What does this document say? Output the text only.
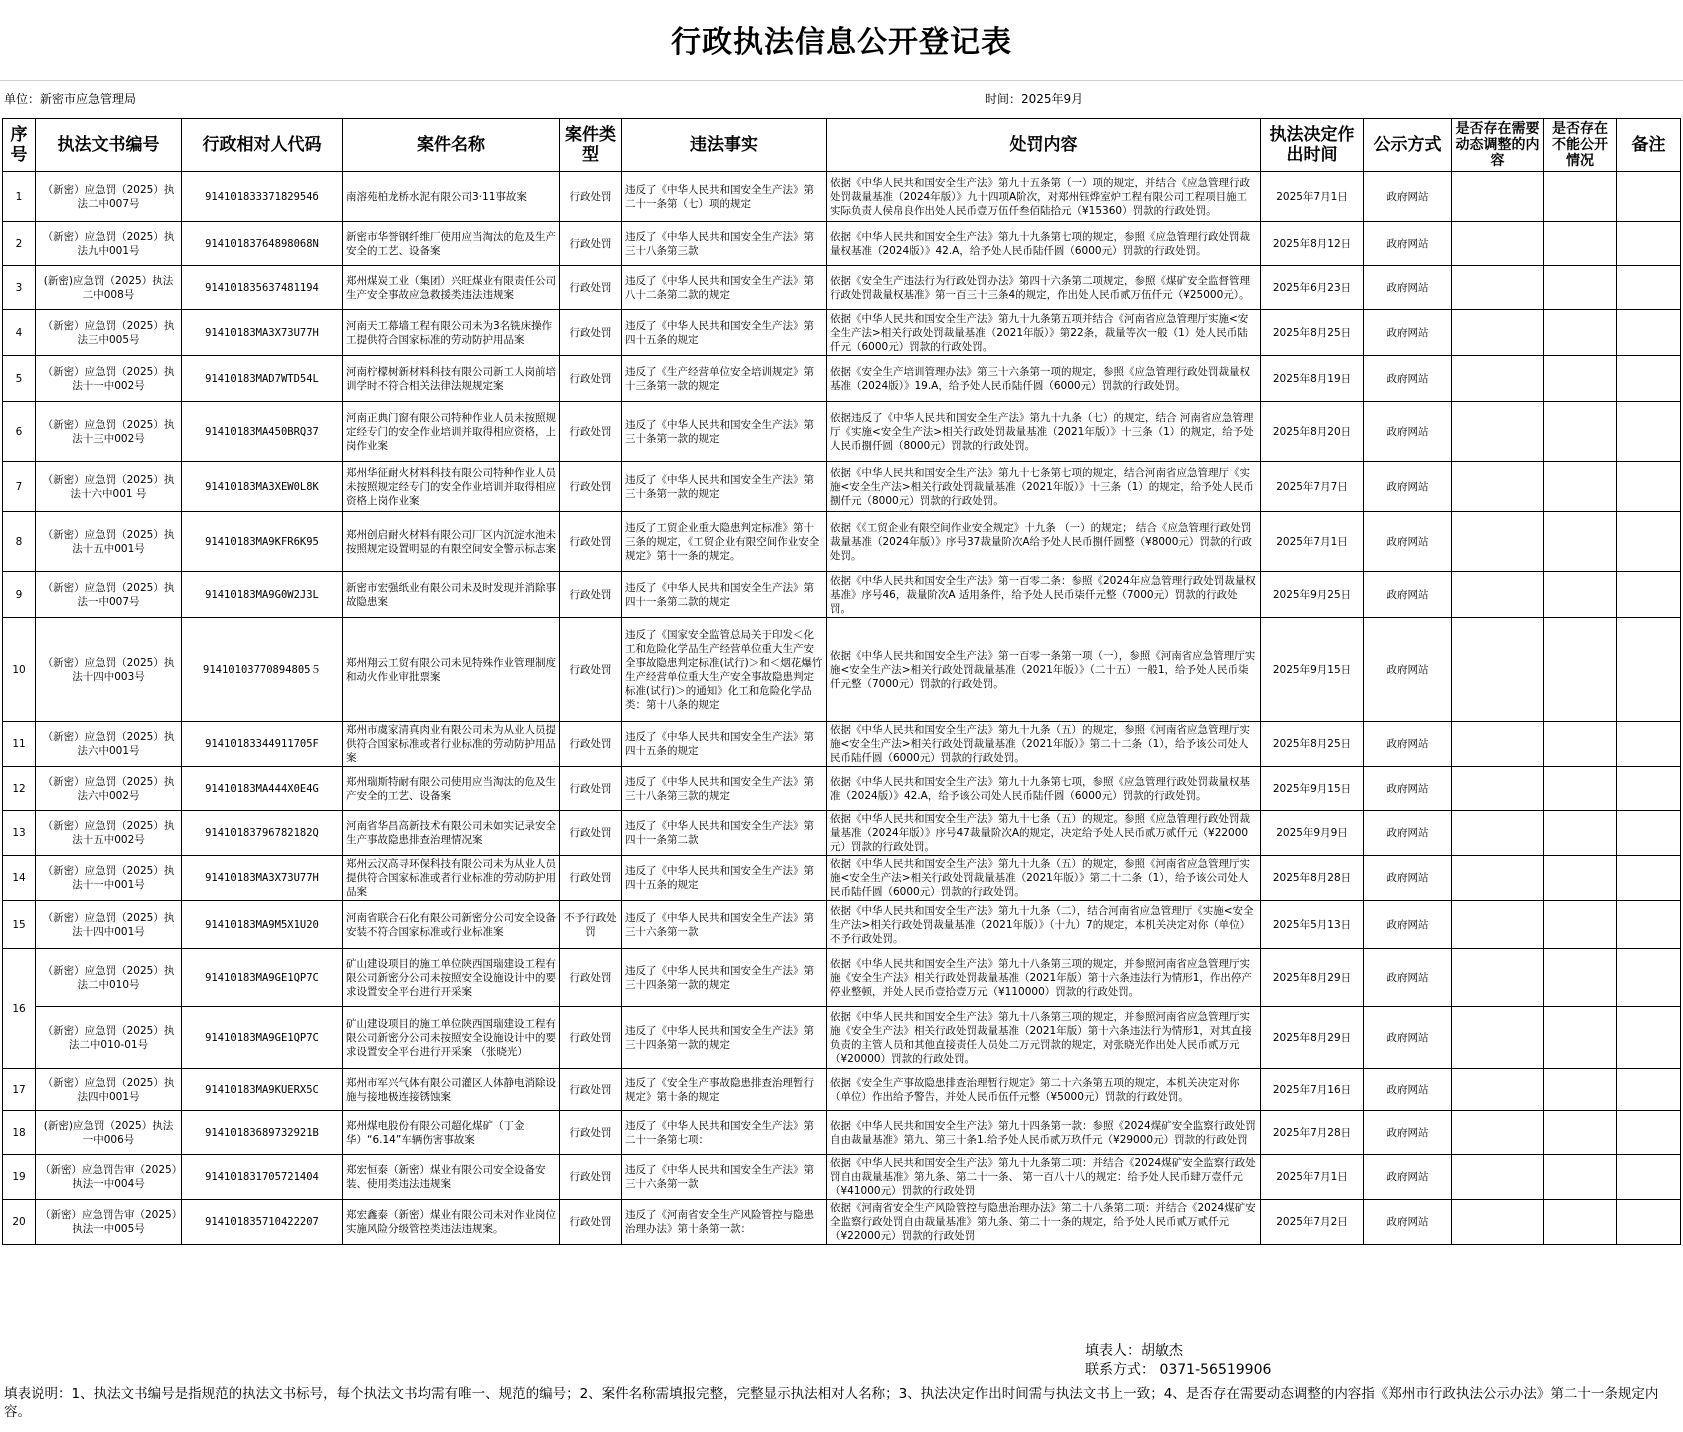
行政执法信息公开登记表
单位：新密市应急管理局	时间：2025年9月
序号	执法文书编号	行政相对人代码	案件名称	案件类型	违法事实	处罚内容	执法决定作出时间	公示方式	是否存在需要动态调整的内容	是否存在不能公开情况	备注
1	（新密）应急罚（2025）执法二中007号	91410183337182954б	南溶苑柏龙桥水泥有限公司3·11事故案	行政处罚	违反了《中华人民共和国安全生产法》第二十一条第（七）项的规定	依据《中华人民共和国安全生产法》第九十五条第（一）项的规定，并结合《应急管理行政处罚裁量基准（2024年版）》九十四项A阶次，对郑州钰烨室炉工程有限公司工程项目施工实际负责人侯帛良作出处人民币壹万伍仟叁佰陆拾元（¥15360）罚款的行政处罚。	2025年7月1日	政府网站			
2	（新密）应急罚（2025）执法九中001号	91410183764898068N	新密市华誉钢纤维厂使用应当淘汰的危及生产安全的工艺、设备案	行政处罚	违反了《中华人民共和国安全生产法》第三十八条第三款	依据《中华人民共和国安全生产法》第九十九条第七项的规定，参照《应急管理行政处罚裁量权基准（2024版）》42.A，给予处人民币陆仟圆（6000元）罚款的行政处罚。	2025年8月12日	政府网站			
3	(新密)应急罚（2025）执法二中008号	914101835637481194	郑州煤炭工业（集团）兴旺煤业有限责任公司生产安全事故应急救援类违法违规案	行政处罚	违反了《中华人民共和国安全生产法》第八十二条第二款的规定	依据《安全生产违法行为行政处罚办法》第四十六条第二项规定，参照《煤矿安全监督管理行政处罚裁量权基准》第一百三十三条4的规定，作出处人民币贰万伍仟元（¥25000元）。	2025年6月23日	政府网站			
4	（新密）应急罚（2025）执法三中005号	91410183MA3X73U77H	河南天工幕墙工程有限公司未为3名铣床操作工提供符合国家标准的劳动防护用品案	行政处罚	违反了《中华人民共和国安全生产法》第四十五条的规定	依据《中华人民共和国安全生产法》第九十九条第五项并结合《河南省应急管理厅实施<安全生产法>相关行政处罚裁量基准（2021年版）》第22条，裁量等次一般（1）处人民币陆仟元（6000元）罚款的行政处罚。	2025年8月25日	政府网站			
5	（新密）应急罚（2025）执法十一中002号	91410183MAD7WTD54L	河南柠檬树新材料科技有限公司新工人岗前培训学时不符合相关法律法规规定案	行政处罚	违反了《生产经营单位安全培训规定》第十三条第一款的规定	依据《安全生产培训管理办法》第三十六条第一项的规定，参照《应急管理行政处罚裁量权基准（2024版）》19.A，给予处人民币陆仟圆（6000元）罚款的行政处罚。	2025年8月19日	政府网站			
6	（新密）应急罚（2025）执法十三中002号	91410183MA450BRQ37	河南正典门窗有限公司特种作业人员未按照规定经专门的安全作业培训并取得相应资格，上岗作业案	行政处罚	违反了《中华人民共和国安全生产法》第三十条第一款的规定	依据违反了《中华人民共和国安全生产法》第九十九条（七）的规定，结合 河南省应急管理厅《实施<安全生产法>相关行政处罚裁量基准（2021年版）》十三条（1）的规定，给予处人民币捌仟圆（8000元）罚款的行政处罚。	2025年8月20日	政府网站			
7	（新密）应急罚（2025）执法十六中001 号	91410183MA3XEW0L8K	郑州华征耐火材料科技有限公司特种作业人员未按照规定经专门的安全作业培训并取得相应资格上岗作业案	行政处罚	违反了《中华人民共和国安全生产法》第三十条第一款的规定	依据《中华人民共和国安全生产法》第九十七条第七项的规定，结合河南省应急管理厅《实施<安全生产法>相关行政处罚裁量基准（2021年版）》十三条（1）的规定，给予处人民币捌仟元（8000元）罚款的行政处罚。	2025年7月7日	政府网站			
8	（新密）应急罚（2025）执法十五中001号	91410183MA9KFR6K95	郑州创启耐火材料有限公司厂区内沉淀水池未按照规定设置明显的有限空间安全警示标志案	行政处罚	违反了工贸企业重大隐患判定标准》第十三条的规定，《工贸企业有限空间作业安全规定》第十一条的规定。	依据《《工贸企业有限空间作业安全规定》十九条 （一）的规定； 结合《应急管理行政处罚裁量基准（2024年版）》序号37裁量阶次A给予处人民币捌仟圆整（¥8000元）罚款的行政处罚。	2025年7月1日	政府网站			
9	（新密）应急罚（2025）执法一中007号	91410183MA9G0W2J3L	新密市宏强纸业有限公司未及时发现并消除事故隐患案	行政处罚	违反了《中华人民共和国安全生产法》第四十一条第二款的规定	依据《中华人民共和国安全生产法》第一百零二条：参照《2024年应急管理行政处罚裁量权基准》序号46，裁量阶次A 适用条件，给予处人民币柒仟元整（7000元）罚款的行政处罚。	2025年9月25日	政府网站			
10	（新密）应急罚（2025）执法十四中003号	91410103770894805５	郑州翔云工贸有限公司未见特殊作业管理制度和动火作业审批票案	行政处罚	违反了《国家安全监管总局关于印发＜化工和危险化学品生产经营单位重大生产安全事故隐患判定标准(试行)＞和＜烟花爆竹生产经营单位重大生产安全事故隐患判定标准(试行)＞的通知》化工和危险化学品类：第十八条的规定	依据《中华人民共和国安全生产法》第一百零一条第一项（一），参照《河南省应急管理厅实施<安全生产法>相关行政处罚裁量基准（2021年版）》（二十五）一般1，给予处人民币柒仟元整（7000元）罚款的行政处罚。	2025年9月15日	政府网站			
11	（新密）应急罚（2025）执法六中001号	91410183344911705F	郑州市虞家清真肉业有限公司未为从业人员提供符合国家标准或者行业标准的劳动防护用品案	行政处罚	违反了《中华人民共和国安全生产法》第四十五条的规定	依据《中华人民共和国安全生产法》第九十九条（五）的规定，参照《河南省应急管理厅实施<安全生产法>相关行政处罚裁量基准（2021年版）》第二十二条（1），给予该公司处人民币陆仟圆（6000元）罚款的行政处罚。	2025年8月25日	政府网站			
12	（新密）应急罚（2025）执法六中002号	91410183MA444X0E4G	郑州瑞斯特耐有限公司使用应当淘汰的危及生产安全的工艺、设备案	行政处罚	违反了《中华人民共和国安全生产法》第三十八条第三款的规定	依据《中华人民共和国安全生产法》第九十九条第七项，参照《应急管理行政处罚裁量权基准（2024版）》42.A，给予该公司处人民币陆仟圆（6000元）罚款的行政处罚。	2025年9月15日	政府网站			
13	（新密）应急罚（2025）执法十五中002号	91410183796782182Q	河南省华昌高新技术有限公司未如实记录安全生产事故隐患排查治理情况案	行政处罚	违反了《中华人民共和国安全生产法》第四十一条第二款	依据《中华人民共和国安全生产法》第九十七条（五）的规定。参照《应急管理行政处罚裁量基准（2024年版）》序号47裁量阶次A的规定，决定给予处人民币贰万贰仟元（¥22000元）罚款的行政处罚。	2025年9月9日	政府网站			
14	（新密）应急罚（2025）执法十一中001号	91410183MA3X73U77H	郑州云汉高寻环保科技有限公司未为从业人员提供符合国家标准或者行业标准的劳动防护用品案	行政处罚	违反了《中华人民共和国安全生产法》第四十五条的规定	依据《中华人民共和国安全生产法》第九十九条（五）的规定，参照《河南省应急管理厅实施<安全生产法>相关行政处罚裁量基准（2021年版）》第二十二条（1），给予该公司处人民币陆仟圆（6000元）罚款的行政处罚。	2025年8月28日	政府网站			
15	（新密）应急罚（2025）执法十四中001号	91410183MA9M5X1U20	河南省联合石化有限公司新密分公司安全设备安装不符合国家标准或行业标准案	不予行政处罚	违反了《中华人民共和国安全生产法》第三十六条第一款	依据《中华人民共和国安全生产法》第九十九条（二），结合河南省应急管理厅《实施<安全生产法>相关行政处罚裁量基准（2021年版）》（十九）7的规定，本机关决定对你（单位）不予行政处罚。	2025年5月13日	政府网站			
16	（新密）应急罚（2025）执法二中010号	91410183MA9GE1QP7C	矿山建设项目的施工单位陕西国瑞建设工程有限公司新密分公司未按照安全设施设计中的要求设置安全平台进行开采案	行政处罚	违反了《中华人民共和国安全生产法》第三十四条第一款的规定	依据《中华人民共和国安全生产法》第九十八条第三项的规定，并参照河南省应急管理厅实施《安全生产法》相关行政处罚裁量基准（2021年版）第十六条违法行为情形1，作出停产停业整顿，并处人民币壹拾壹万元（¥110000）罚款的行政处罚。	2025年8月29日	政府网站			
	（新密）应急罚（2025）执法二中010-01号	91410183MA9GE1QP7C	矿山建设项目的施工单位陕西国瑞建设工程有限公司新密分公司未按照安全设施设计中的要求设置安全平台进行开采案 （张晓光）	行政处罚	违反了《中华人民共和国安全生产法》第三十四条第一款的规定	依据《中华人民共和国安全生产法》第九十八条第三项的规定，并参照河南省应急管理厅实施《安全生产法》相关行政处罚裁量基准（2021年版）第十六条违法行为情形1，对其直接负责的主管人员和其他直接责任人员处二万元罚款的规定，对张晓光作出处人民币贰万元（¥20000）罚款的行政处罚。	2025年8月29日	政府网站			
17	（新密）应急罚（2025）执法四中001号	91410183MA9KUERX5C	郑州市军兴气体有限公司灌区人体静电消除设施与接地极连接锈蚀案	行政处罚	违反了《安全生产事故隐患排查治理暂行规定》第十条的规定	依据《安全生产事故隐患排查治理暂行规定》第二十六条第五项的规定，本机关决定对你（单位）作出给予警告，并处人民币伍仟元整（¥5000元）罚款的行政处罚。	2025年7月16日	政府网站			
18	(新密)应急罚（2025）执法一中006号	91410183689732921B	郑州煤电股份有限公司超化煤矿（丁金华）“6.14”车辆伤害事故案	行政处罚	违反了《中华人民共和国安全生产法》第二十一条第七项：	依据《中华人民共和国安全生产法》第九十四条第一款：参照《2024煤矿安全监察行政处罚自由裁量基准》第九、第三十条1.给予处人民币贰万玖仟元（¥29000元）罚款的行政处罚	2025年7月28日	政府网站			
19	（新密）应急罚告审（2025）执法一中004号	914101831705721404	郑宏恒泰（新密）煤业有限公司安全设备安装、使用类违法违规案	行政处罚	违反了《中华人民共和国安全生产法》第三十六条第一款	依据《中华人民共和国安全生产法》第九十九条第二项：并结合《2024煤矿安全监察行政处罚自由裁量基准》第九条、第二十一条、 第一百八十八的规定：给予处人民币肆万壹仟元（¥41000元）罚款的行政处罚	2025年7月1日	政府网站			
20	（新密）应急罚告审（2025）执法一中005号	914101835710422207	郑宏鑫泰（新密）煤业有限公司未对作业岗位实施风险分级管控类违法违规案。	行政处罚	违反了《河南省安全生产风险管控与隐患治理办法》第十条第一款：	依据《河南省安全生产风险管控与隐患治理办法》第二十八条第二项：并结合《2024煤矿安全监察行政处罚自由裁量基准》第九条、第二十一条的规定，给予处人民币贰万贰仟元（¥22000元）罚款的行政处罚	2025年7月2日	政府网站			
填表人：胡敏杰
联系方式： 0371-56519906
填表说明：1、执法文书编号是指规范的执法文书标号，每个执法文书均需有唯一、规范的编号；2、案件名称需填报完整，完整显示执法相对人名称；3、执法决定作出时间需与执法文书上一致；4、是否存在需要动态调整的内容指《郑州市行政执法公示办法》第二十一条规定内容。
